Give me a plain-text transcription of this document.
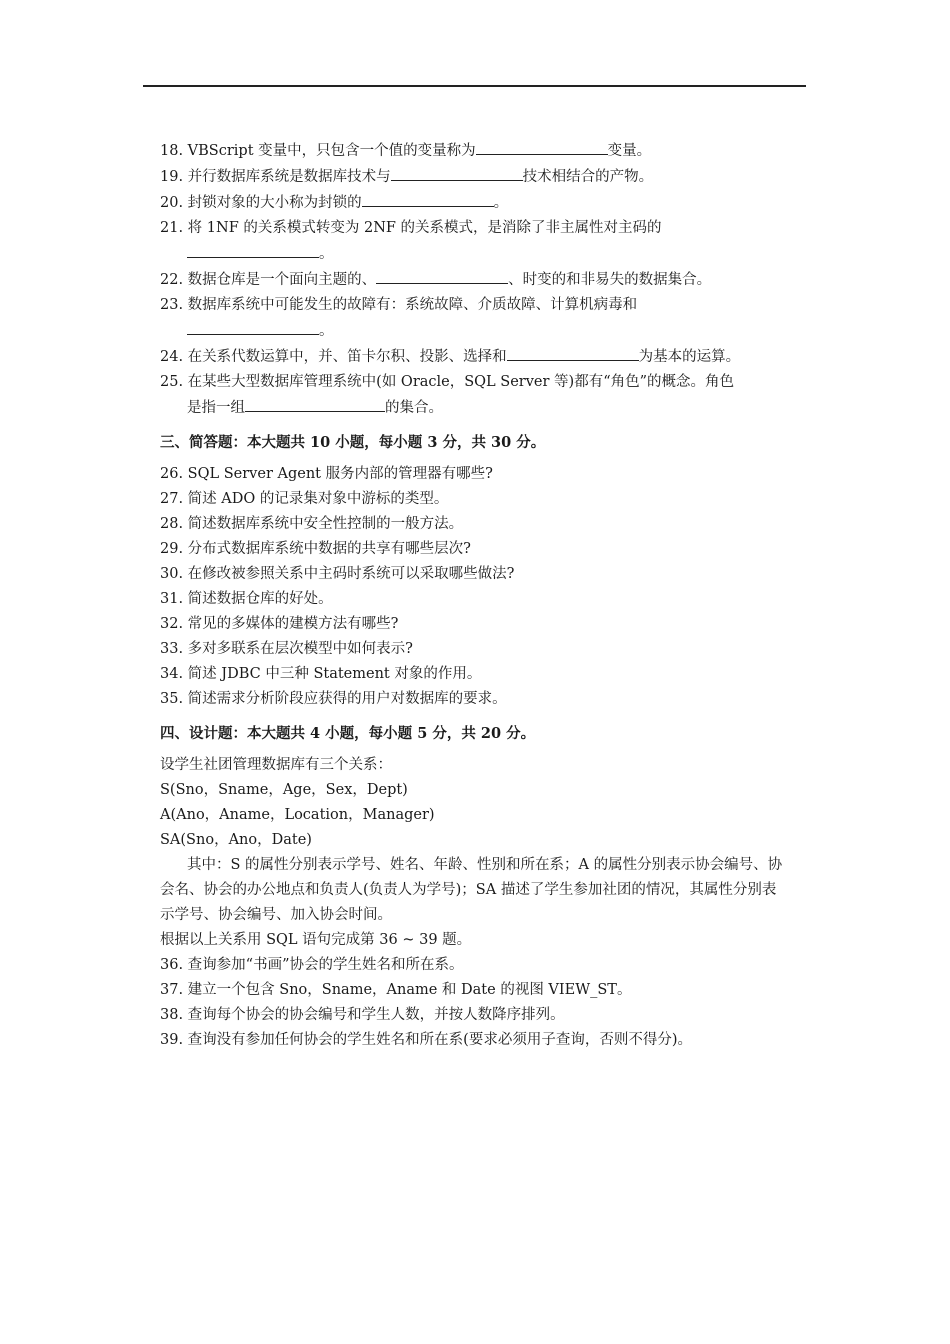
18. VBScript 变量中，只包含一个值的变量称为	变量。
19. 并行数据库系统是数据库技术与	技术相结合的产物。
20. 封锁对象的大小称为封锁的	。
21. 将 1NF 的关系模式转变为 2NF 的关系模式，是消除了非主属性对主码的
。
22. 数据仓库是一个面向主题的、	、时变的和非易失的数据集合。
23. 数据库系统中可能发生的故障有：系统故障、介质故障、计算机病毒和
。
24. 在关系代数运算中，并、笛卡尔积、投影、选择和	为基本的运算。
25. 在某些大型数据库管理系统中(如 Oracle，SQL Server 等)都有“角色”的概念。角色
是指一组	的集合。
三、简答题：本大题共 10 小题，每小题 3 分，共 30 分。
26. SQL Server Agent 服务内部的管理器有哪些?
27. 简述 ADO 的记录集对象中游标的类型。
28. 简述数据库系统中安全性控制的一般方法。
29. 分布式数据库系统中数据的共享有哪些层次?
30. 在修改被参照关系中主码时系统可以采取哪些做法?
31. 简述数据仓库的好处。
32. 常见的多媒体的建模方法有哪些?
33. 多对多联系在层次模型中如何表示?
34. 简述 JDBC 中三种 Statement 对象的作用。
35. 简述需求分析阶段应获得的用户对数据库的要求。
四、设计题：本大题共 4 小题，每小题 5 分，共 20 分。
设学生社团管理数据库有三个关系：
S(Sno，Sname，Age，Sex，Dept)
A(Ano，Aname，Location，Manager)
SA(Sno，Ano，Date)
其中：S 的属性分别表示学号、姓名、年龄、性别和所在系；A 的属性分别表示协会编号、协会名、协会的办公地点和负责人(负责人为学号)；SA 描述了学生参加社团的情况，其属性分别表示学号、协会编号、加入协会时间。
根据以上关系用 SQL 语句完成第 36 ~ 39 题。
36. 查询参加“书画”协会的学生姓名和所在系。
37. 建立一个包含 Sno，Sname，Aname 和 Date 的视图 VIEW_ST。
38. 查询每个协会的协会编号和学生人数，并按人数降序排列。
39. 查询没有参加任何协会的学生姓名和所在系(要求必须用子查询，否则不得分)。
